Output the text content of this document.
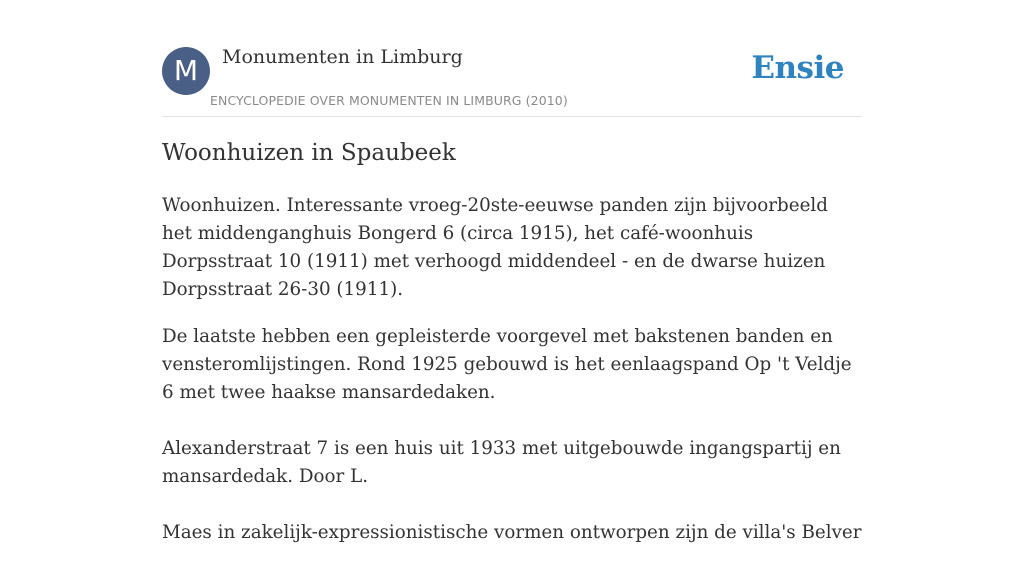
M	Monumenten in Limburg
ENCYCLOPEDIE OVER MONUMENTEN IN LIMBURG (2010)
Ensie
Woonhuizen in Spaubeek

Woonhuizen. Interessante vroeg-20ste-eeuwse panden zijn bijvoorbeeld het middenganghuis Bongerd 6 (circa 1915), het café-woonhuis Dorpsstraat 10 (1911) met verhoogd middendeel - en de dwarse huizen Dorpsstraat 26-30 (1911).

De laatste hebben een gepleisterde voorgevel met bakstenen banden en vensteromlijstingen. Rond 1925 gebouwd is het eenlaagspand Op 't Veldje 6 met twee haakse mansardedaken.

Alexanderstraat 7 is een huis uit 1933 met uitgebouwde ingangspartij en mansardedak. Door L.

Maes in zakelijk-expressionistische vormen ontworpen zijn de villa's Belver
